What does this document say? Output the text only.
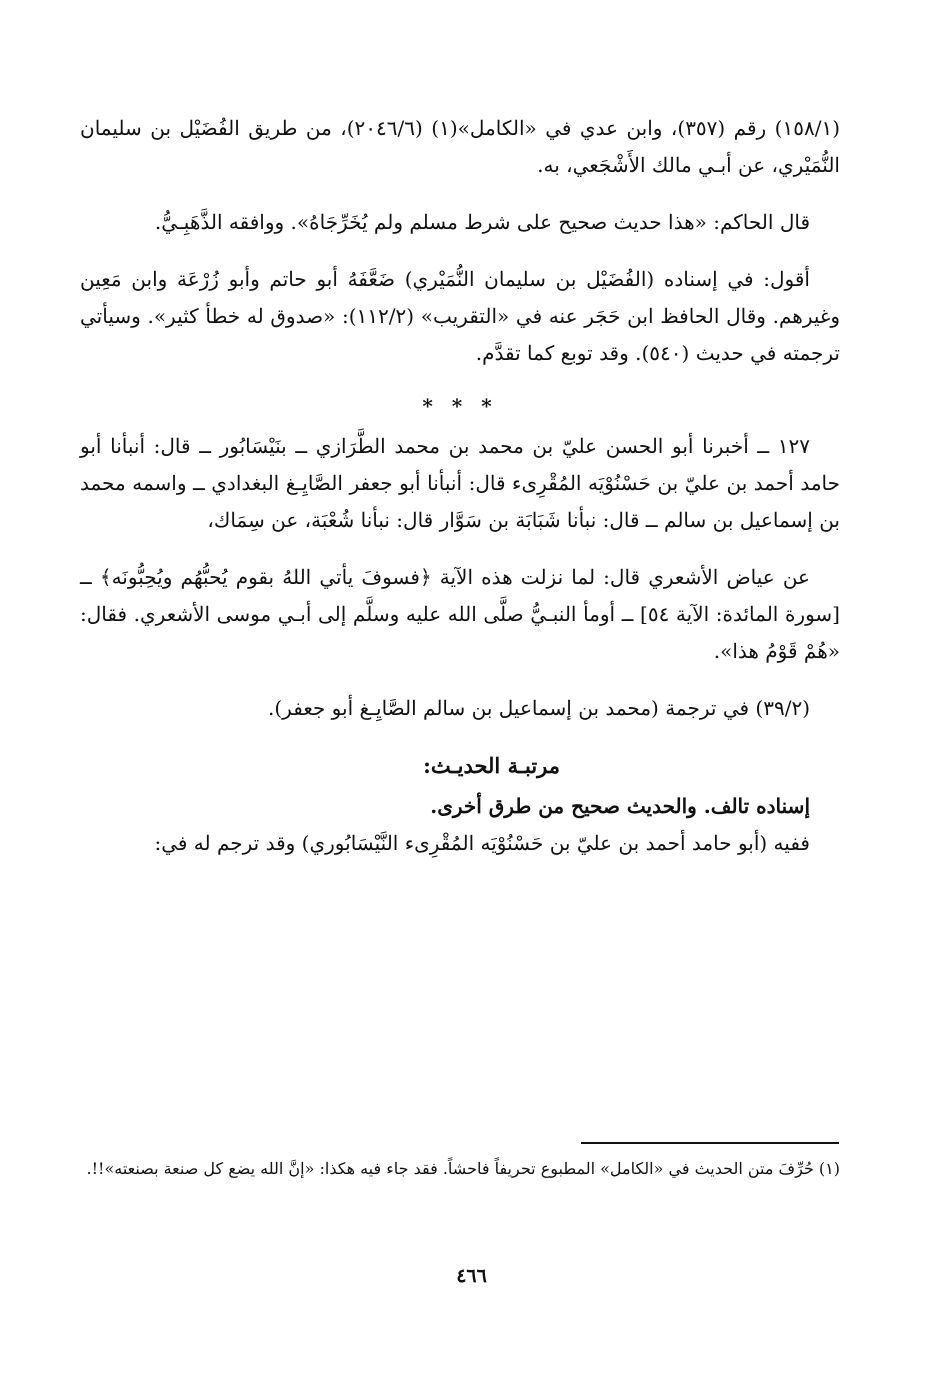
(١٥٨/١) رقم (٣٥٧)، وابن عدي في «الكامل»(١) (٢٠٤٦/٦)، من طريق الفُضَيْل بن سليمان النُّمَيْري، عن أبـي مالك الأَشْجَعي، به.

قال الحاكم: «هذا حديث صحيح على شرط مسلم ولم يُخَرِّجَاهُ». ووافقه الذَّهَبِـيُّ.

أقول: في إسناده (الفُضَيْل بن سليمان النُّمَيْري) ضَعَّفَهُ أبو حاتم وأبو زُرْعَة وابن مَعِين وغيرهم. وقال الحافظ ابن حَجَر عنه في «التقريب» (١١٢/٢): «صدوق له خطأ كثير». وسيأتي ترجمته في حديث (٥٤٠). وقد توبع كما تقدَّم.

* * *

١٢٧ ــ أخبرنا أبو الحسن عليّ بن محمد بن محمد الطَّرَازي ــ بنَيْسَابُور ــ قال: أنبأنا أبو حامد أحمد بن عليّ بن حَسْنُوْيَه المُقْرِىء قال: أنبأنا أبو جعفر الصَّايِـغ البغدادي ــ واسمه محمد بن إسماعيل بن سالم ــ قال: نبأنا شَبَابَة بن سَوَّار قال: نبأنا شُعْبَة، عن سِمَاك،

عن عياض الأشعري قال: لما نزلت هذه الآية ﴿فسوفَ يأتي اللهُ بقوم يُحبُّهُم ويُحِبُّونَه﴾ ــ [سورة المائدة: الآية ٥٤] ــ أومأ النبـيُّ صلَّى الله عليه وسلَّم إلى أبـي موسى الأشعري. فقال: «هُمْ قَوْمُ هذا».

(٣٩/٢) في ترجمة (محمد بن إسماعيل بن سالم الصَّايِـغ أبو جعفر).

مرتبـة الحديـث:

إسناده تالف. والحديث صحيح من طرق أخرى.

ففيه (أبو حامد أحمد بن عليّ بن حَسْنُوْيَه المُقْرِىء النَّيْسَابُوري) وقد ترجم له في:

(١) حُرِّفَ متن الحديث في «الكامل» المطبوع تحريفاً فاحشاً. فقد جاء فيه هكذا: «إنَّ الله يضع كل صنعة بصنعته»!!.
٤٦٦
